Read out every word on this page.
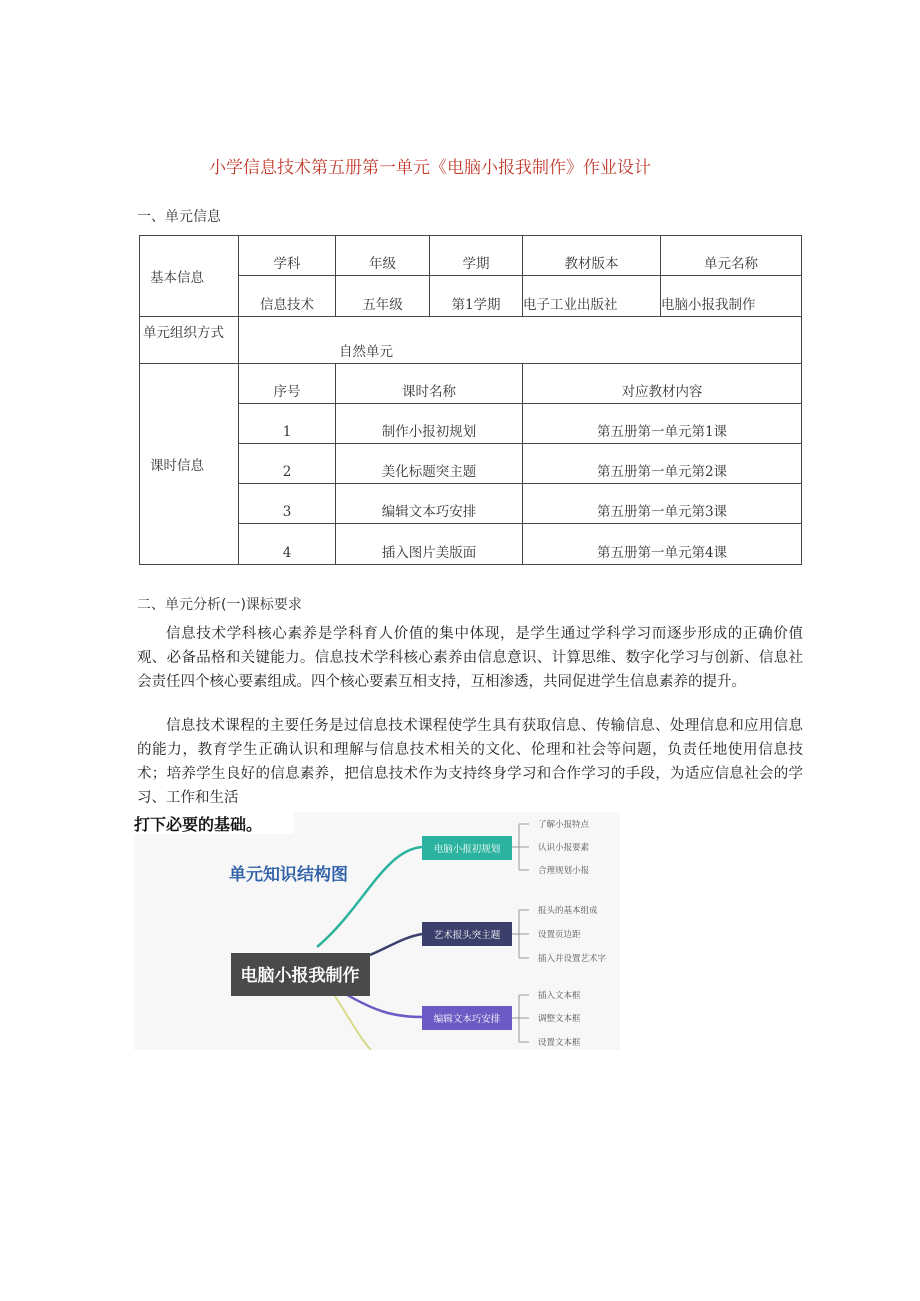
小学信息技术第五册第一单元《电脑小报我制作》作业设计
一、单元信息
基本信息	学科	年级	学期	教材版本	单元名称
	信息技术	五年级	第1学期	电子工业出版社	电脑小报我制作
单元组织方式	自然单元				
课时信息	序号	课时名称		对应教材内容	
	1	制作小报初规划		第五册第一单元第1课	
	2	美化标题突主题		第五册第一单元第2课	
	3	编辑文本巧安排		第五册第一单元第3课	
	4	插入图片美版面		第五册第一单元第4课	
二、单元分析(一)课标要求
信息技术学科核心素养是学科育人价值的集中体现，是学生通过学科学习而逐步形成的正确价值观、必备品格和关键能力。信息技术学科核心素养由信息意识、计算思维、数字化学习与创新、信息社会责任四个核心要素组成。四个核心要素互相支持，互相渗透，共同促进学生信息素养的提升。
信息技术课程的主要任务是过信息技术课程使学生具有获取信息、传输信息、处理信息和应用信息的能力，教育学生正确认识和理解与信息技术相关的文化、伦理和社会等问题，负责任地使用信息技术；培养学生良好的信息素养，把信息技术作为支持终身学习和合作学习的手段，为适应信息社会的学习、工作和生活
单元知识结构图
电脑小报我制作
电脑小报初规划
艺术报头突主题
编辑文本巧安排
了解小报特点
认识小报要素
合理规划小报
报头的基本组成
设置页边距
插入并设置艺术字
插入文本框
调整文本框
设置文本框
打下必要的基础。
